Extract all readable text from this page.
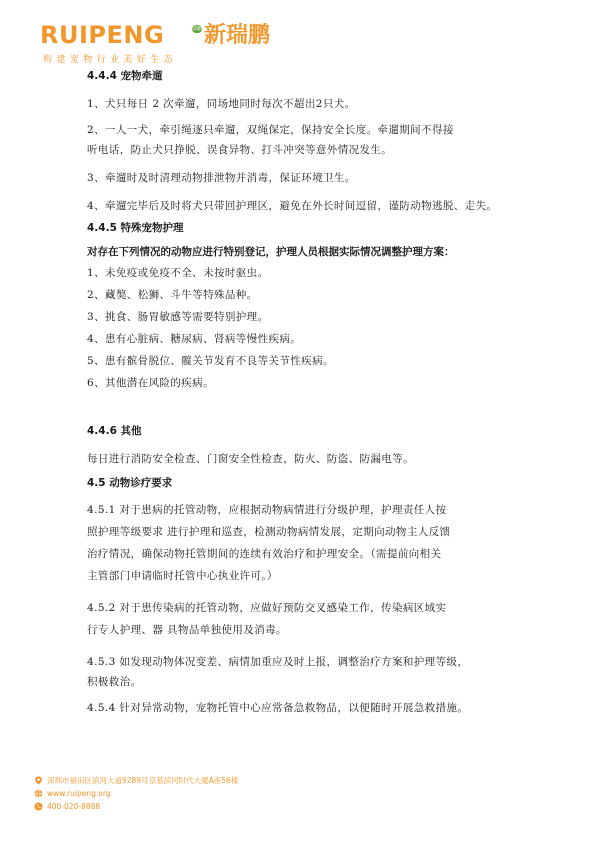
RUIPENG	瑞鹏 新瑞鹏
构建宠物行业美好生态

4.4.4 宠物牵遛

1、犬只每日 2 次牵遛，同场地同时每次不超出2只犬。

2、一人一犬，牵引绳逐只牵遛，双绳保定，保持安全长度。牵遛期间不得接

听电话，防止犬只挣脱、误食异物、打斗冲突等意外情况发生。

3、牵遛时及时清理动物排泄物并消毒，保证环境卫生。

4、牵遛完毕后及时将犬只带回护理区，避免在外长时间逗留，谨防动物逃脱、走失。

4.4.5 特殊宠物护理

对存在下列情况的动物应进行特别登记，护理人员根据实际情况调整护理方案：

1、未免疫或免疫不全、未按时驱虫。

2、藏獒、松狮、斗牛等特殊品种。

3、挑食、肠胃敏感等需要特别护理。

4、患有心脏病、糖尿病、肾病等慢性疾病。

5、患有髌骨脱位、髋关节发育不良等关节性疾病。

6、其他潜在风险的疾病。

4.4.6 其他

每日进行消防安全检查、门窗安全性检查，防火、防盗、防漏电等。

4.5 动物诊疗要求

4.5.1 对于患病的托管动物，应根据动物病情进行分级护理，护理责任人按

照护理等级要求 进行护理和巡查，检测动物病情发展，定期向动物主人反馈

治疗情况，确保动物托管期间的连续有效治疗和护理安全。（需提前向相关

主管部门申请临时托管中心执业许可。）

4.5.2 对于患传染病的托管动物，应做好预防交叉感染工作，传染病区域实

行专人护理、器 具物品单独使用及消毒。

4.5.3 如发现动物体况变差、病情加重应及时上报，调整治疗方案和护理等级，

积极救治。

4.5.4 针对异常动物，宠物托管中心应常备急救物品，以便随时开展急救措施。

深圳市福田区滨河大道9289号京基滨河时代大厦A座56楼
www.ruipeng.org
400-020-8888
